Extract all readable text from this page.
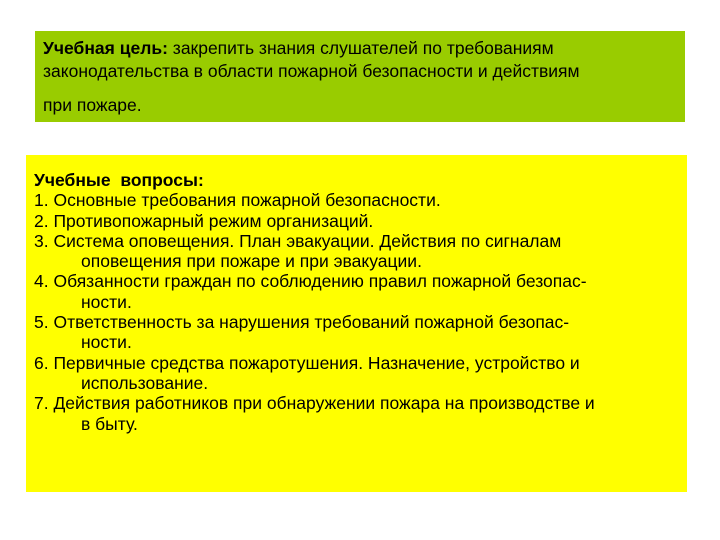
Учебная цель: закрепить знания слушателей по требованиям
законодательства в области пожарной безопасности и действиям
при пожаре.
Учебные  вопросы:
1. Основные требования пожарной безопасности.
2. Противопожарный режим организаций.
3. Система оповещения. План эвакуации. Действия по сигналам
оповещения при пожаре и при эвакуации.
4. Обязанности граждан по соблюдению правил пожарной безопас-
ности.
5. Ответственность за нарушения требований пожарной безопас-
ности.
6. Первичные средства пожаротушения. Назначение, устройство и
использование.
7. Действия работников при обнаружении пожара на производстве и
в быту.
